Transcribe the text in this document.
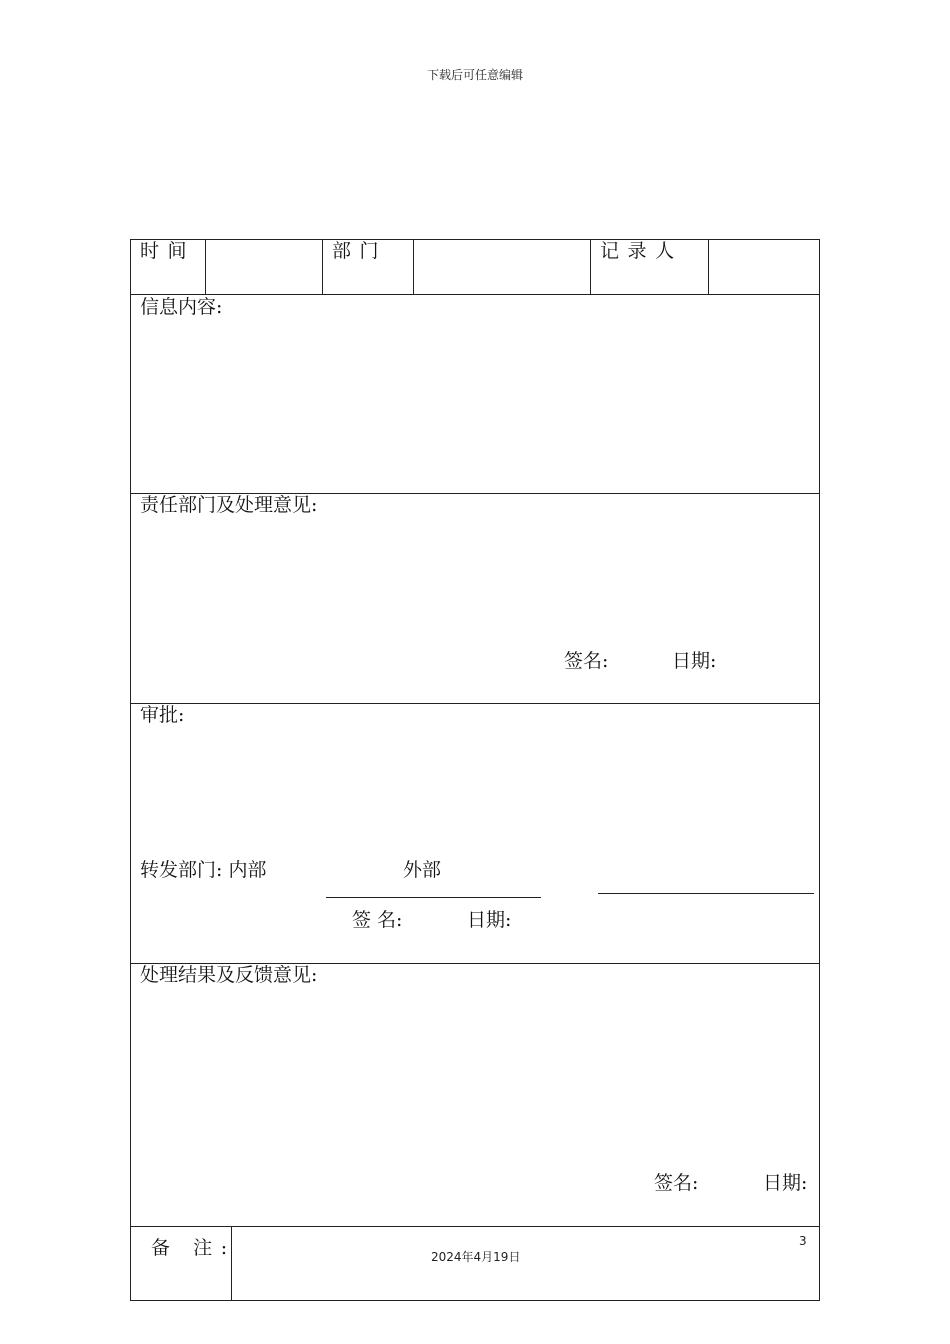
下载后可任意编辑
时间	部门	记录人
信息内容:
责任部门及处理意见:
签名:	日期:
审批:
转发部门: 内部	外部
签 名:	日期:
处理结果及反馈意见:
签名:	日期:
备 注:	3
2024年4月19日
